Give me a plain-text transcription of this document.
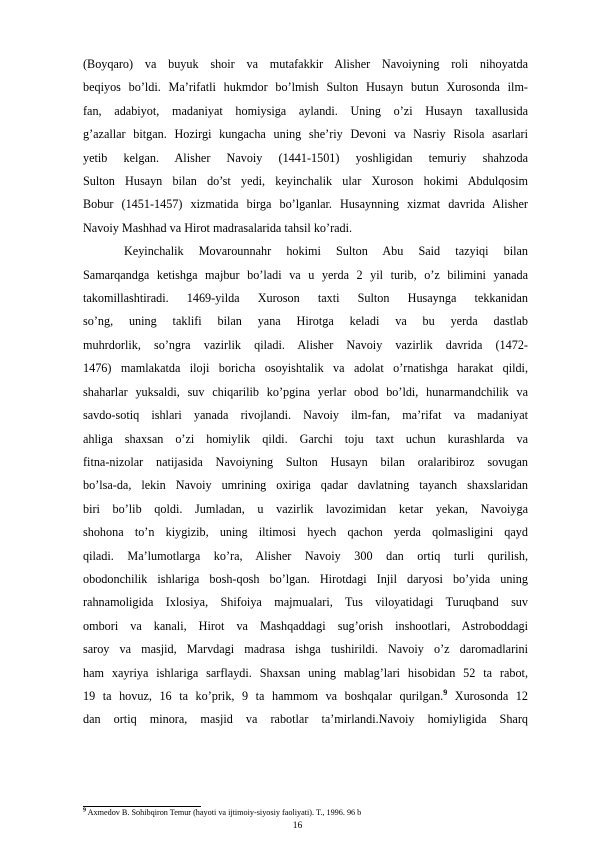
(Boyqaro) va buyuk shoir va mutafakkir Alisher Navoiyning roli nihoyatda
beqiyos bo’ldi. Ma’rifatli hukmdor bo’lmish Sulton Husayn butun Xurosonda ilm-
fan, adabiyot, madaniyat homiysiga aylandi. Uning o’zi Husayn taxallusida
g’azallar bitgan. Hozirgi kungacha uning she’riy Devoni va Nasriy Risola asarlari
yetib kelgan. Alisher Navoiy (1441-1501) yoshligidan temuriy shahzoda
Sulton Husayn bilan do’st yedi, keyinchalik ular Xuroson hokimi Abdulqosim
Bobur (1451-1457) xizmatida birga bo’lganlar. Husaynning xizmat davrida Alisher
Navoiy Mashhad va Hirot madrasalarida tahsil ko’radi.
Keyinchalik Movarounnahr hokimi Sulton Abu Said tazyiqi bilan
Samarqandga ketishga majbur bo’ladi va u yerda 2 yil turib, o’z bilimini yanada
takomillashtiradi. 1469-yilda Xuroson taxti Sulton Husaynga tekkanidan
so’ng, uning taklifi bilan yana Hirotga keladi va bu yerda dastlab
muhrdorlik, so’ngra vazirlik qiladi. Alisher Navoiy vazirlik davrida (1472-
1476) mamlakatda iloji boricha osoyishtalik va adolat o’rnatishga harakat qildi,
shaharlar yuksaldi, suv chiqarilib ko’pgina yerlar obod bo’ldi, hunarmandchilik va
savdo-sotiq ishlari yanada rivojlandi. Navoiy ilm-fan, ma’rifat va madaniyat
ahliga shaxsan o’zi homiylik qildi. Garchi toju taxt uchun kurashlarda va
fitna-nizolar natijasida Navoiyning Sulton Husayn bilan oralaribiroz sovugan
bo’lsa-da, lekin Navoiy umrining oxiriga qadar davlatning tayanch shaxslaridan
biri bo’lib qoldi. Jumladan, u vazirlik lavozimidan ketar yekan, Navoiyga
shohona to’n kiygizib, uning iltimosi hyech qachon yerda qolmasligini qayd
qiladi. Ma’lumotlarga ko’ra, Alisher Navoiy 300 dan ortiq turli qurilish,
obodonchilik ishlariga bosh-qosh bo’lgan. Hirotdagi Injil daryosi bo’yida uning
rahnamoligida Ixlosiya, Shifoiya majmualari, Tus viloyatidagi Turuqband suv
ombori va kanali, Hirot va Mashqaddagi sug’orish inshootlari, Astroboddagi
saroy va masjid, Marvdagi madrasa ishga tushirildi. Navoiy o’z daromadlarini
ham xayriya ishlariga sarflaydi. Shaxsan uning mablag’lari hisobidan 52 ta rabot,
19 ta hovuz, 16 ta ko’prik, 9 ta hammom va boshqalar qurilgan.$^9$ Xurosonda 12
dan ortiq minora, masjid va rabotlar ta’mirlandi.Navoiy homiyligida Sharq
$^9$ Axmedov B. Sohibqiron Temur (hayoti va ijtimoiy-siyosiy faoliyati). T., 1996. 96 b
16
